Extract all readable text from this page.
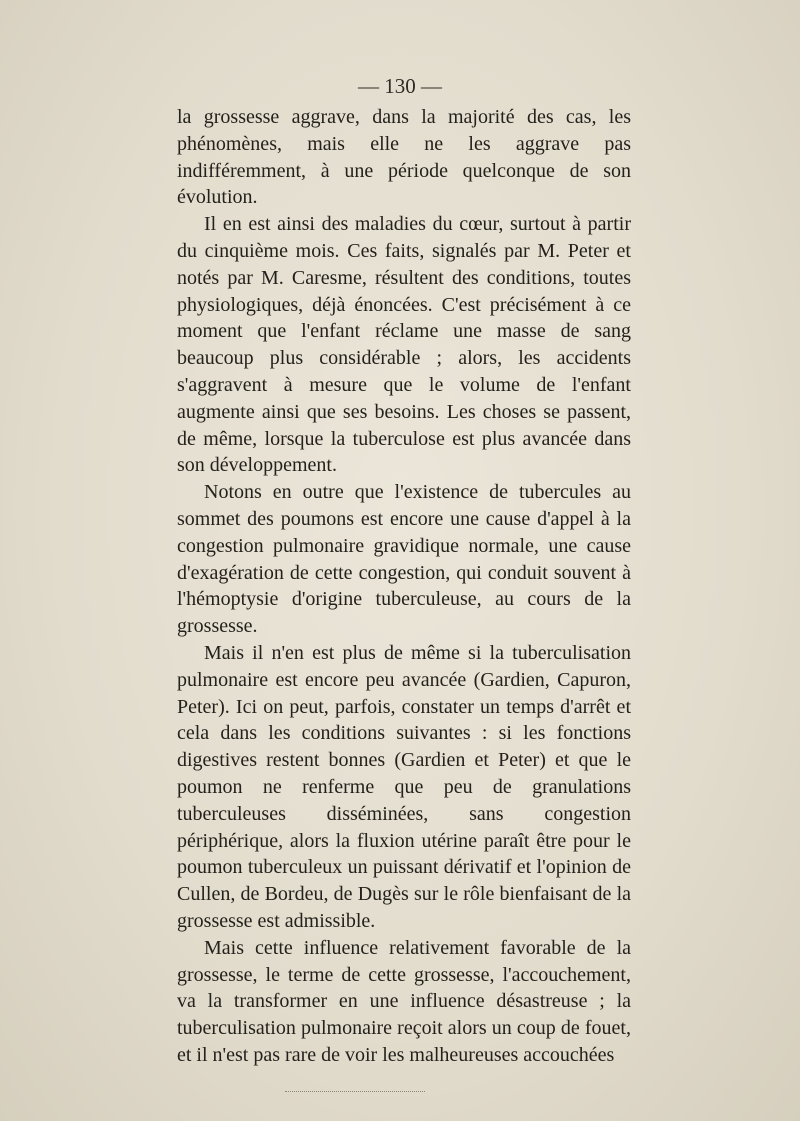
— 130 —

la grossesse aggrave, dans la majorité des cas, les phénomènes, mais elle ne les aggrave pas indifféremment, à une période quelconque de son évolution.

Il en est ainsi des maladies du cœur, surtout à partir du cinquième mois. Ces faits, signalés par M. Peter et notés par M. Caresme, résultent des conditions, toutes physiologiques, déjà énoncées. C'est précisément à ce moment que l'enfant réclame une masse de sang beaucoup plus considérable ; alors, les accidents s'aggravent à mesure que le volume de l'enfant augmente ainsi que ses besoins. Les choses se passent, de même, lorsque la tuberculose est plus avancée dans son développement.

Notons en outre que l'existence de tubercules au sommet des poumons est encore une cause d'appel à la congestion pulmonaire gravidique normale, une cause d'exagération de cette congestion, qui conduit souvent à l'hémoptysie d'origine tuberculeuse, au cours de la grossesse.

Mais il n'en est plus de même si la tuberculisation pulmonaire est encore peu avancée (Gardien, Capuron, Peter). Ici on peut, parfois, constater un temps d'arrêt et cela dans les conditions suivantes : si les fonctions digestives restent bonnes (Gardien et Peter) et que le poumon ne renferme que peu de granulations tuberculeuses disséminées, sans congestion périphérique, alors la fluxion utérine paraît être pour le poumon tuberculeux un puissant dérivatif et l'opinion de Cullen, de Bordeu, de Dugès sur le rôle bienfaisant de la grossesse est admissible.

Mais cette influence relativement favorable de la grossesse, le terme de cette grossesse, l'accouchement, va la transformer en une influence désastreuse ; la tuberculisation pulmonaire reçoit alors un coup de fouet, et il n'est pas rare de voir les malheureuses accouchées
